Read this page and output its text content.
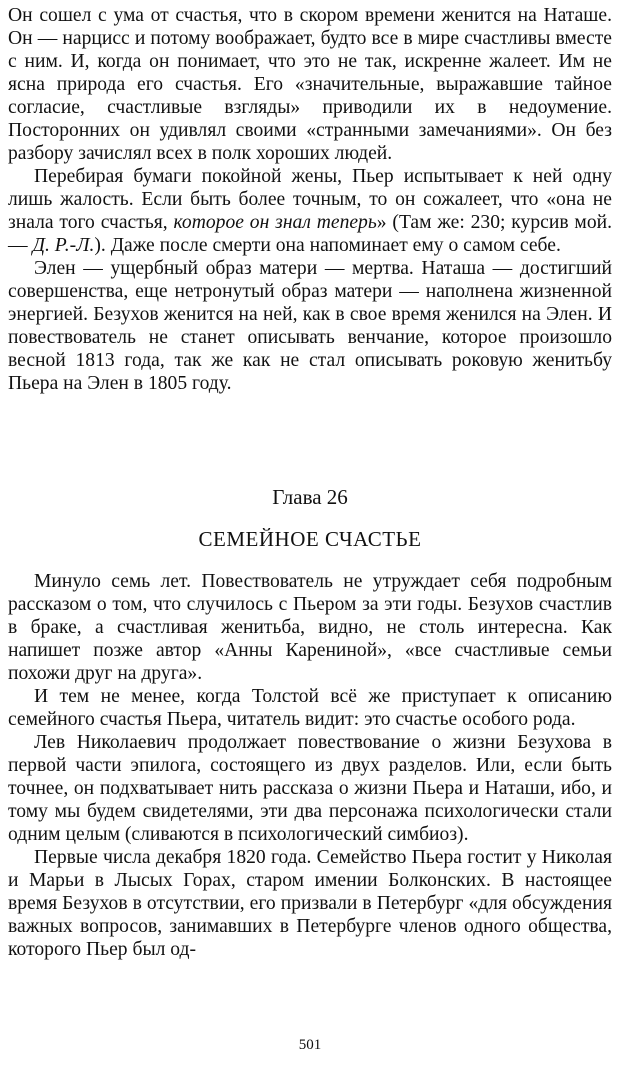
Он сошел с ума от счастья, что в скором времени женится на Наташе. Он — нарцисс и потому воображает, будто все в мире счастливы вместе с ним. И, когда он понимает, что это не так, искренне жалеет. Им не ясна природа его счастья. Его «значительные, выражавшие тайное согласие, счастливые взгляды» приводили их в недоумение. Посторонних он удивлял своими «странными замечаниями». Он без разбору зачислял всех в полк хороших людей.

Перебирая бумаги покойной жены, Пьер испытывает к ней одну лишь жалость. Если быть более точным, то он сожалеет, что «она не знала того счастья, которое он знал теперь» (Там же: 230; курсив мой. — Д. Р.-Л.). Даже после смерти она напоминает ему о самом себе.

Элен — ущербный образ матери — мертва. Наташа — достигший совершенства, еще нетронутый образ матери — наполнена жизненной энергией. Безухов женится на ней, как в свое время женился на Элен. И повествователь не станет описывать венчание, которое произошло весной 1813 года, так же как не стал описывать роковую женитьбу Пьера на Элен в 1805 году.

Глава 26
СЕМЕЙНОЕ СЧАСТЬЕ

Минуло семь лет. Повествователь не утруждает себя подробным рассказом о том, что случилось с Пьером за эти годы. Безухов счастлив в браке, а счастливая женитьба, видно, не столь интересна. Как напишет позже автор «Анны Карениной», «все счастливые семьи похожи друг на друга».

И тем не менее, когда Толстой всё же приступает к описанию семейного счастья Пьера, читатель видит: это счастье особого рода.

Лев Николаевич продолжает повествование о жизни Безухова в первой части эпилога, состоящего из двух разделов. Или, если быть точнее, он подхватывает нить рассказа о жизни Пьера и Наташи, ибо, и тому мы будем свидетелями, эти два персонажа психологически стали одним целым (сливаются в психологический симбиоз).

Первые числа декабря 1820 года. Семейство Пьера гостит у Николая и Марьи в Лысых Горах, старом имении Болконских. В настоящее время Безухов в отсутствии, его призвали в Петербург «для обсуждения важных вопросов, занимавших в Петербурге членов одного общества, которого Пьер был од-

501
